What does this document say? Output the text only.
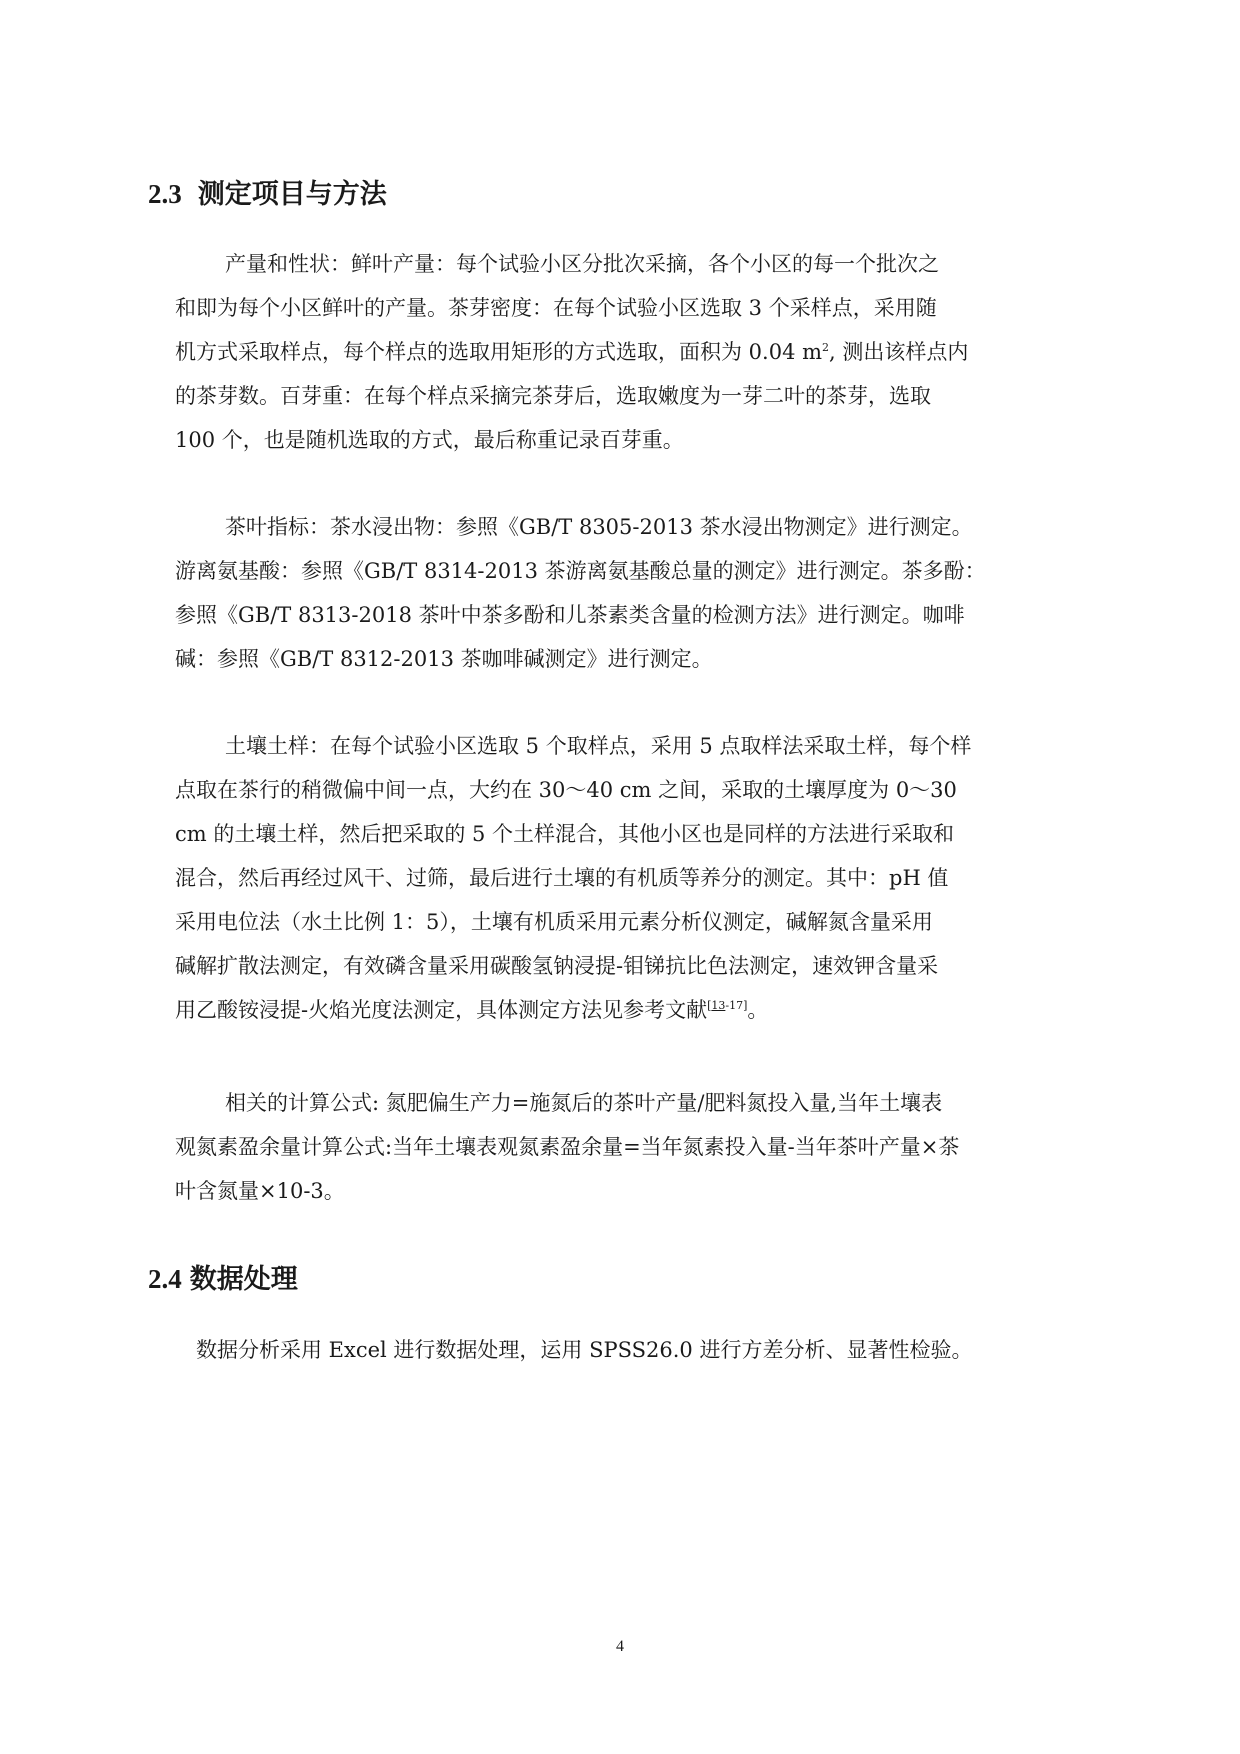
2.3 测定项目与方法
产量和性状：鲜叶产量：每个试验小区分批次采摘，各个小区的每一个批次之
和即为每个小区鲜叶的产量。茶芽密度：在每个试验小区选取 3 个采样点，采用随
机方式采取样点，每个样点的选取用矩形的方式选取，面积为 0.04 $m^2$, 测出该样点内
的茶芽数。百芽重：在每个样点采摘完茶芽后，选取嫩度为一芽二叶的茶芽，选取
100 个，也是随机选取的方式，最后称重记录百芽重。
茶叶指标：茶水浸出物：参照《GB/T 8305-2013 茶水浸出物测定》进行测定。
游离氨基酸：参照《GB/T 8314-2013 茶游离氨基酸总量的测定》进行测定。茶多酚：
参照《GB/T 8313-2018 茶叶中茶多酚和儿茶素类含量的检测方法》进行测定。咖啡
碱：参照《GB/T 8312-2013 茶咖啡碱测定》进行测定。
土壤土样：在每个试验小区选取 5 个取样点，采用 5 点取样法采取土样，每个样
点取在茶行的稍微偏中间一点，大约在 30～40 cm 之间，采取的土壤厚度为 0～30
cm 的土壤土样，然后把采取的 5 个土样混合，其他小区也是同样的方法进行采取和
混合，然后再经过风干、过筛，最后进行土壤的有机质等养分的测定。其中：pH 值
采用电位法（水土比例 1：5），土壤有机质采用元素分析仪测定，碱解氮含量采用
碱解扩散法测定，有效磷含量采用碳酸氢钠浸提-钼锑抗比色法测定，速效钾含量采
用乙酸铵浸提-火焰光度法测定，具体测定方法见参考文献[13-17]。
相关的计算公式: 氮肥偏生产力=施氮后的茶叶产量/肥料氮投入量,当年土壤表
观氮素盈余量计算公式:当年土壤表观氮素盈余量=当年氮素投入量-当年茶叶产量×茶
叶含氮量×10-3。
2.4 数据处理
数据分析采用 Excel 进行数据处理，运用 SPSS26.0 进行方差分析、显著性检验。
4
